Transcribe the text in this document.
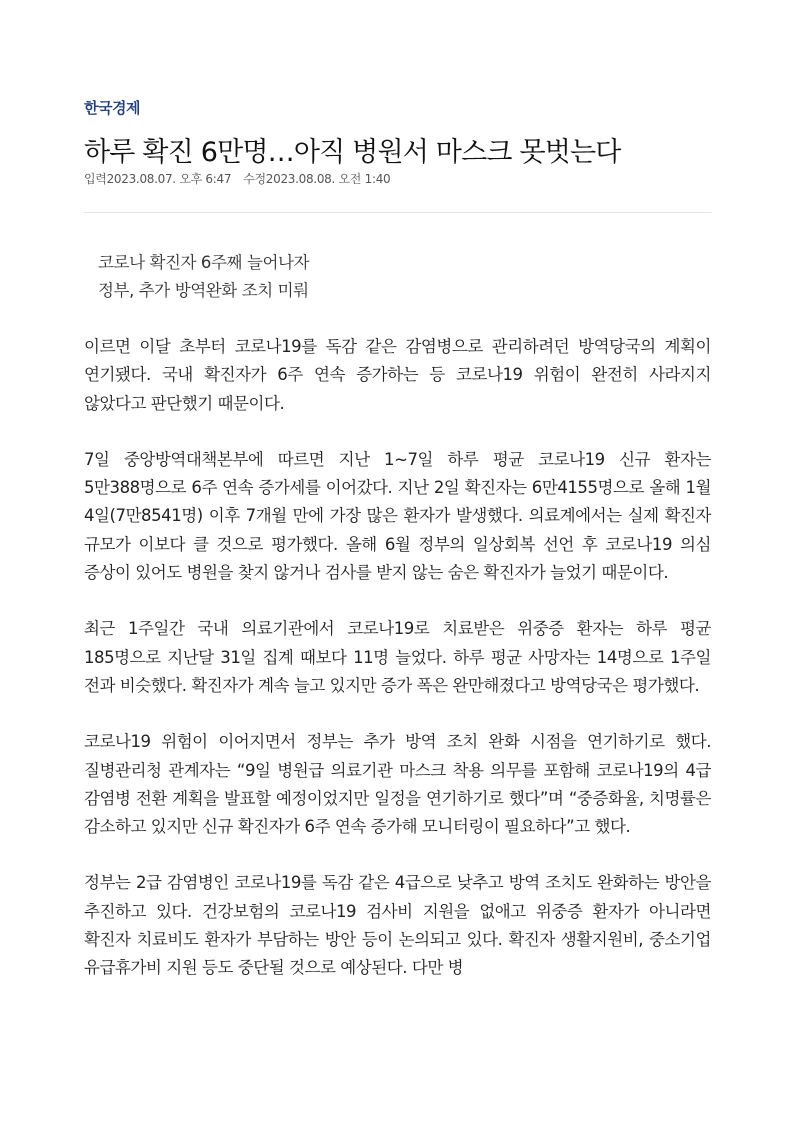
한국경제
하루 확진 6만명…아직 병원서 마스크 못벗는다
입력2023.08.07. 오후 6:47 수정2023.08.08. 오전 1:40
코로나 확진자 6주째 늘어나자
정부, 추가 방역완화 조치 미뤄

이르면 이달 초부터 코로나19를 독감 같은 감염병으로 관리하려던 방역당국의 계획이 연기됐다. 국내 확진자가 6주 연속 증가하는 등 코로나19 위험이 완전히 사라지지 않았다고 판단했기 때문이다.

7일 중앙방역대책본부에 따르면 지난 1~7일 하루 평균 코로나19 신규 환자는 5만388명으로 6주 연속 증가세를 이어갔다. 지난 2일 확진자는 6만4155명으로 올해 1월 4일(7만8541명) 이후 7개월 만에 가장 많은 환자가 발생했다. 의료계에서는 실제 확진자 규모가 이보다 클 것으로 평가했다. 올해 6월 정부의 일상회복 선언 후 코로나19 의심 증상이 있어도 병원을 찾지 않거나 검사를 받지 않는 숨은 확진자가 늘었기 때문이다.

최근 1주일간 국내 의료기관에서 코로나19로 치료받은 위중증 환자는 하루 평균 185명으로 지난달 31일 집계 때보다 11명 늘었다. 하루 평균 사망자는 14명으로 1주일 전과 비슷했다. 확진자가 계속 늘고 있지만 증가 폭은 완만해졌다고 방역당국은 평가했다.

코로나19 위험이 이어지면서 정부는 추가 방역 조치 완화 시점을 연기하기로 했다. 질병관리청 관계자는 “9일 병원급 의료기관 마스크 착용 의무를 포함해 코로나19의 4급 감염병 전환 계획을 발표할 예정이었지만 일정을 연기하기로 했다”며 “중증화율, 치명률은 감소하고 있지만 신규 확진자가 6주 연속 증가해 모니터링이 필요하다”고 했다.

정부는 2급 감염병인 코로나19를 독감 같은 4급으로 낮추고 방역 조치도 완화하는 방안을 추진하고 있다. 건강보험의 코로나19 검사비 지원을 없애고 위중증 환자가 아니라면 확진자 치료비도 환자가 부담하는 방안 등이 논의되고 있다. 확진자 생활지원비, 중소기업 유급휴가비 지원 등도 중단될 것으로 예상된다. 다만 병
